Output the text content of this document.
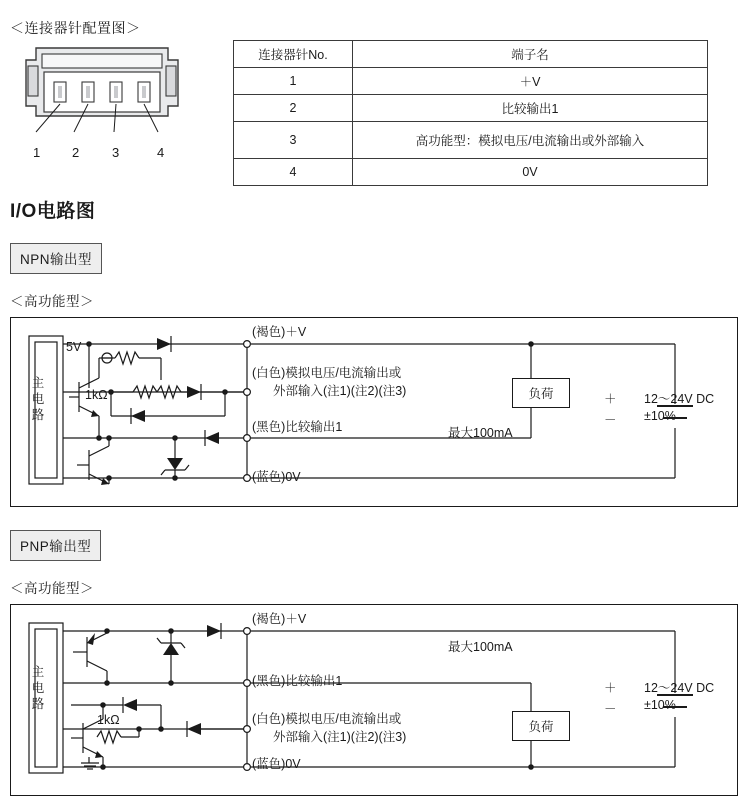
＜连接器针配置图＞
1 2	3	4
连接器针No.	端子名
1	＋V
2	比较输出1
3	高功能型：模拟电压/电流输出或外部输入
4	0V
I/O电路图
NPN输出型
＜高功能型＞
主
电
路
5V
1kΩ
(褐色)＋V
(白色)模拟电压/电流输出或
外部输入(注1)(注2)(注3)
(黑色)比较输出1
(蓝色)0V
最大100mA
负荷	＋
－
12～24V DC
±10%
PNP输出型
＜高功能型＞
主
电
路
1kΩ
(褐色)＋V
(黑色)比较输出1
(白色)模拟电压/电流输出或
外部输入(注1)(注2)(注3)
(蓝色)0V
最大100mA
负荷
＋
－
12～24V DC
±10%
